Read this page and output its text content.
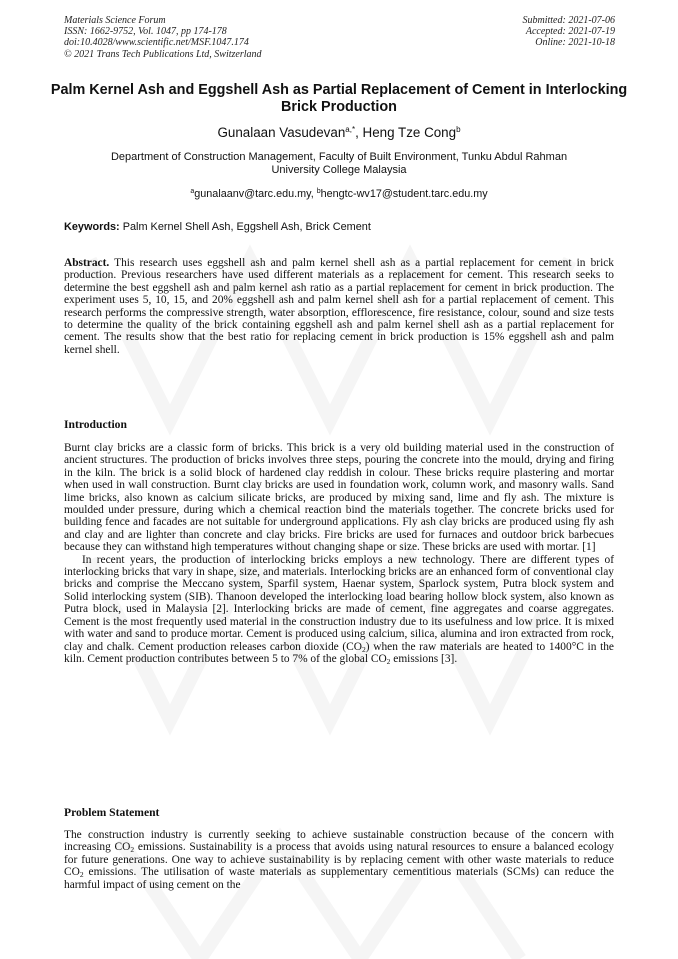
Materials Science Forum
ISSN: 1662-9752, Vol. 1047, pp 174-178
doi:10.4028/www.scientific.net/MSF.1047.174
© 2021 Trans Tech Publications Ltd, Switzerland
Submitted: 2021-07-06
Accepted: 2021-07-19
Online: 2021-10-18
Palm Kernel Ash and Eggshell Ash as Partial Replacement of Cement in Interlocking Brick Production
Gunalaan Vasudevan$^{a,*}$, Heng Tze Cong$^b$
Department of Construction Management, Faculty of Built Environment, Tunku Abdul Rahman
University College Malaysia
$^a$gunalaanv@tarc.edu.my, $^b$hengtc-wv17@student.tarc.edu.my
Keywords: Palm Kernel Shell Ash, Eggshell Ash, Brick Cement
Abstract. This research uses eggshell ash and palm kernel shell ash as a partial replacement for cement in brick production. Previous researchers have used different materials as a replacement for cement. This research seeks to determine the best eggshell ash and palm kernel ash ratio as a partial replacement for cement in brick production. The experiment uses 5, 10, 15, and 20% eggshell ash and palm kernel shell ash for a partial replacement of cement. This research performs the compressive strength, water absorption, efflorescence, fire resistance, colour, sound and size tests to determine the quality of the brick containing eggshell ash and palm kernel shell ash as a partial replacement for cement. The results show that the best ratio for replacing cement in brick production is 15% eggshell ash and palm kernel shell.
Introduction

Burnt clay bricks are a classic form of bricks. This brick is a very old building material used in the construction of ancient structures. The production of bricks involves three steps, pouring the concrete into the mould, drying and firing in the kiln. The brick is a solid block of hardened clay reddish in colour. These bricks require plastering and mortar when used in wall construction. Burnt clay bricks are used in foundation work, column work, and masonry walls. Sand lime bricks, also known as calcium silicate bricks, are produced by mixing sand, lime and fly ash. The mixture is moulded under pressure, during which a chemical reaction bind the materials together. The concrete bricks used for building fence and facades are not suitable for underground applications. Fly ash clay bricks are produced using fly ash and clay and are lighter than concrete and clay bricks. Fire bricks are used for furnaces and outdoor brick barbecues because they can withstand high temperatures without changing shape or size. These bricks are used with mortar. [1]

In recent years, the production of interlocking bricks employs a new technology. There are different types of interlocking bricks that vary in shape, size, and materials. Interlocking bricks are an enhanced form of conventional clay bricks and comprise the Meccano system, Sparfil system, Haenar system, Sparlock system, Putra block system and Solid interlocking system (SIB). Thanoon developed the interlocking load bearing hollow block system, also known as Putra block, used in Malaysia [2]. Interlocking bricks are made of cement, fine aggregates and coarse aggregates. Cement is the most frequently used material in the construction industry due to its usefulness and low price. It is mixed with water and sand to produce mortar. Cement is produced using calcium, silica, alumina and iron extracted from rock, clay and chalk. Cement production releases carbon dioxide $(CO_2)$ when the raw materials are heated to 1400°C in the kiln. Cement production contributes between 5 to 7% of the global $CO_2$ emissions [3].

Problem Statement

The construction industry is currently seeking to achieve sustainable construction because of the concern with increasing $CO_2$ emissions. Sustainability is a process that avoids using natural resources to ensure a balanced ecology for future generations. One way to achieve sustainability is by replacing cement with other waste materials to reduce $CO_2$ emissions. The utilisation of waste materials as supplementary cementitious materials (SCMs) can reduce the harmful impact of using cement on the
